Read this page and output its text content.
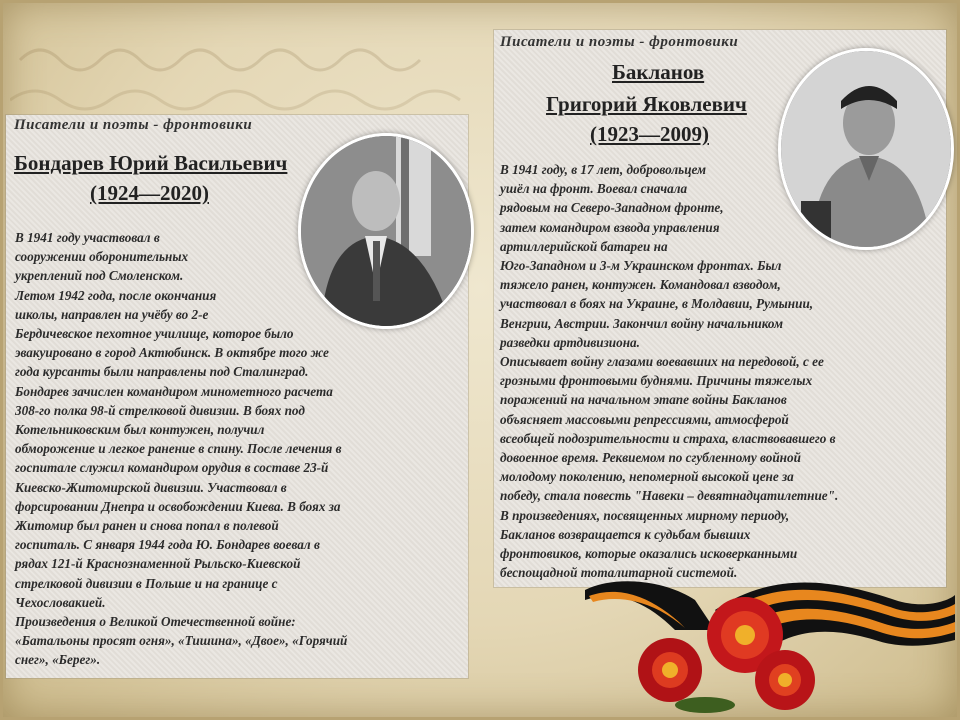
Писатели и поэты - фронтовики
Бондарев Юрий Васильевич
(1924—2020)
В 1941 году участвовал в
сооружении оборонительных
укреплений под Смоленском.
Летом 1942 года, после окончания
школы, направлен на учёбу во 2-е
Бердичевское пехотное училище, которое было
эвакуировано в город Актюбинск. В октябре того же
года курсанты были направлены под Сталинград.
Бондарев зачислен командиром минометного расчета
308-го полка 98-й стрелковой дивизии. В боях под
Котельниковским был контужен, получил
обморожение и легкое ранение в спину. После лечения в
госпитале служил командиром орудия в составе 23-й
Киевско-Житомирской дивизии. Участвовал в
форсировании Днепра и освобождении Киева. В боях за
Житомир был ранен и снова попал в полевой
госпиталь. С января 1944 года Ю. Бондарев воевал в
рядах 121-й Краснознаменной Рыльско-Киевской
стрелковой дивизии в Польше и на границе с
Чехословакией.
Произведения о Великой Отечественной войне:
«Батальоны просят огня», «Тишина», «Двое», «Горячий
снег», «Берег».
Писатели и поэты - фронтовики
Бакланов
Григорий Яковлевич
(1923—2009)
В 1941 году, в 17 лет, добровольцем
ушёл на фронт. Воевал сначала
рядовым на Северо-Западном фронте,
затем командиром взвода управления
артиллерийской батареи на
Юго-Западном и 3-м Украинском фронтах. Был
тяжело ранен, контужен. Командовал взводом,
участвовал в боях на Украине, в Молдавии, Румынии,
Венгрии, Австрии. Закончил войну начальником
разведки артдивизиона.
Описывает войну глазами воевавших на передовой, с ее
грозными фронтовыми буднями. Причины тяжелых
поражений на начальном этапе войны Бакланов
объясняет массовыми репрессиями, атмосферой
всеобщей подозрительности и страха, властвовавшего в
довоенное время. Реквиемом по сгубленному войной
молодому поколению, непомерной высокой цене за
победу, стала повесть "Навеки – девятнадцатилетние".
В произведениях, посвященных мирному периоду,
Бакланов возвращается к судьбам бывших
фронтовиков, которые оказались исковерканными
беспощадной тоталитарной системой.
